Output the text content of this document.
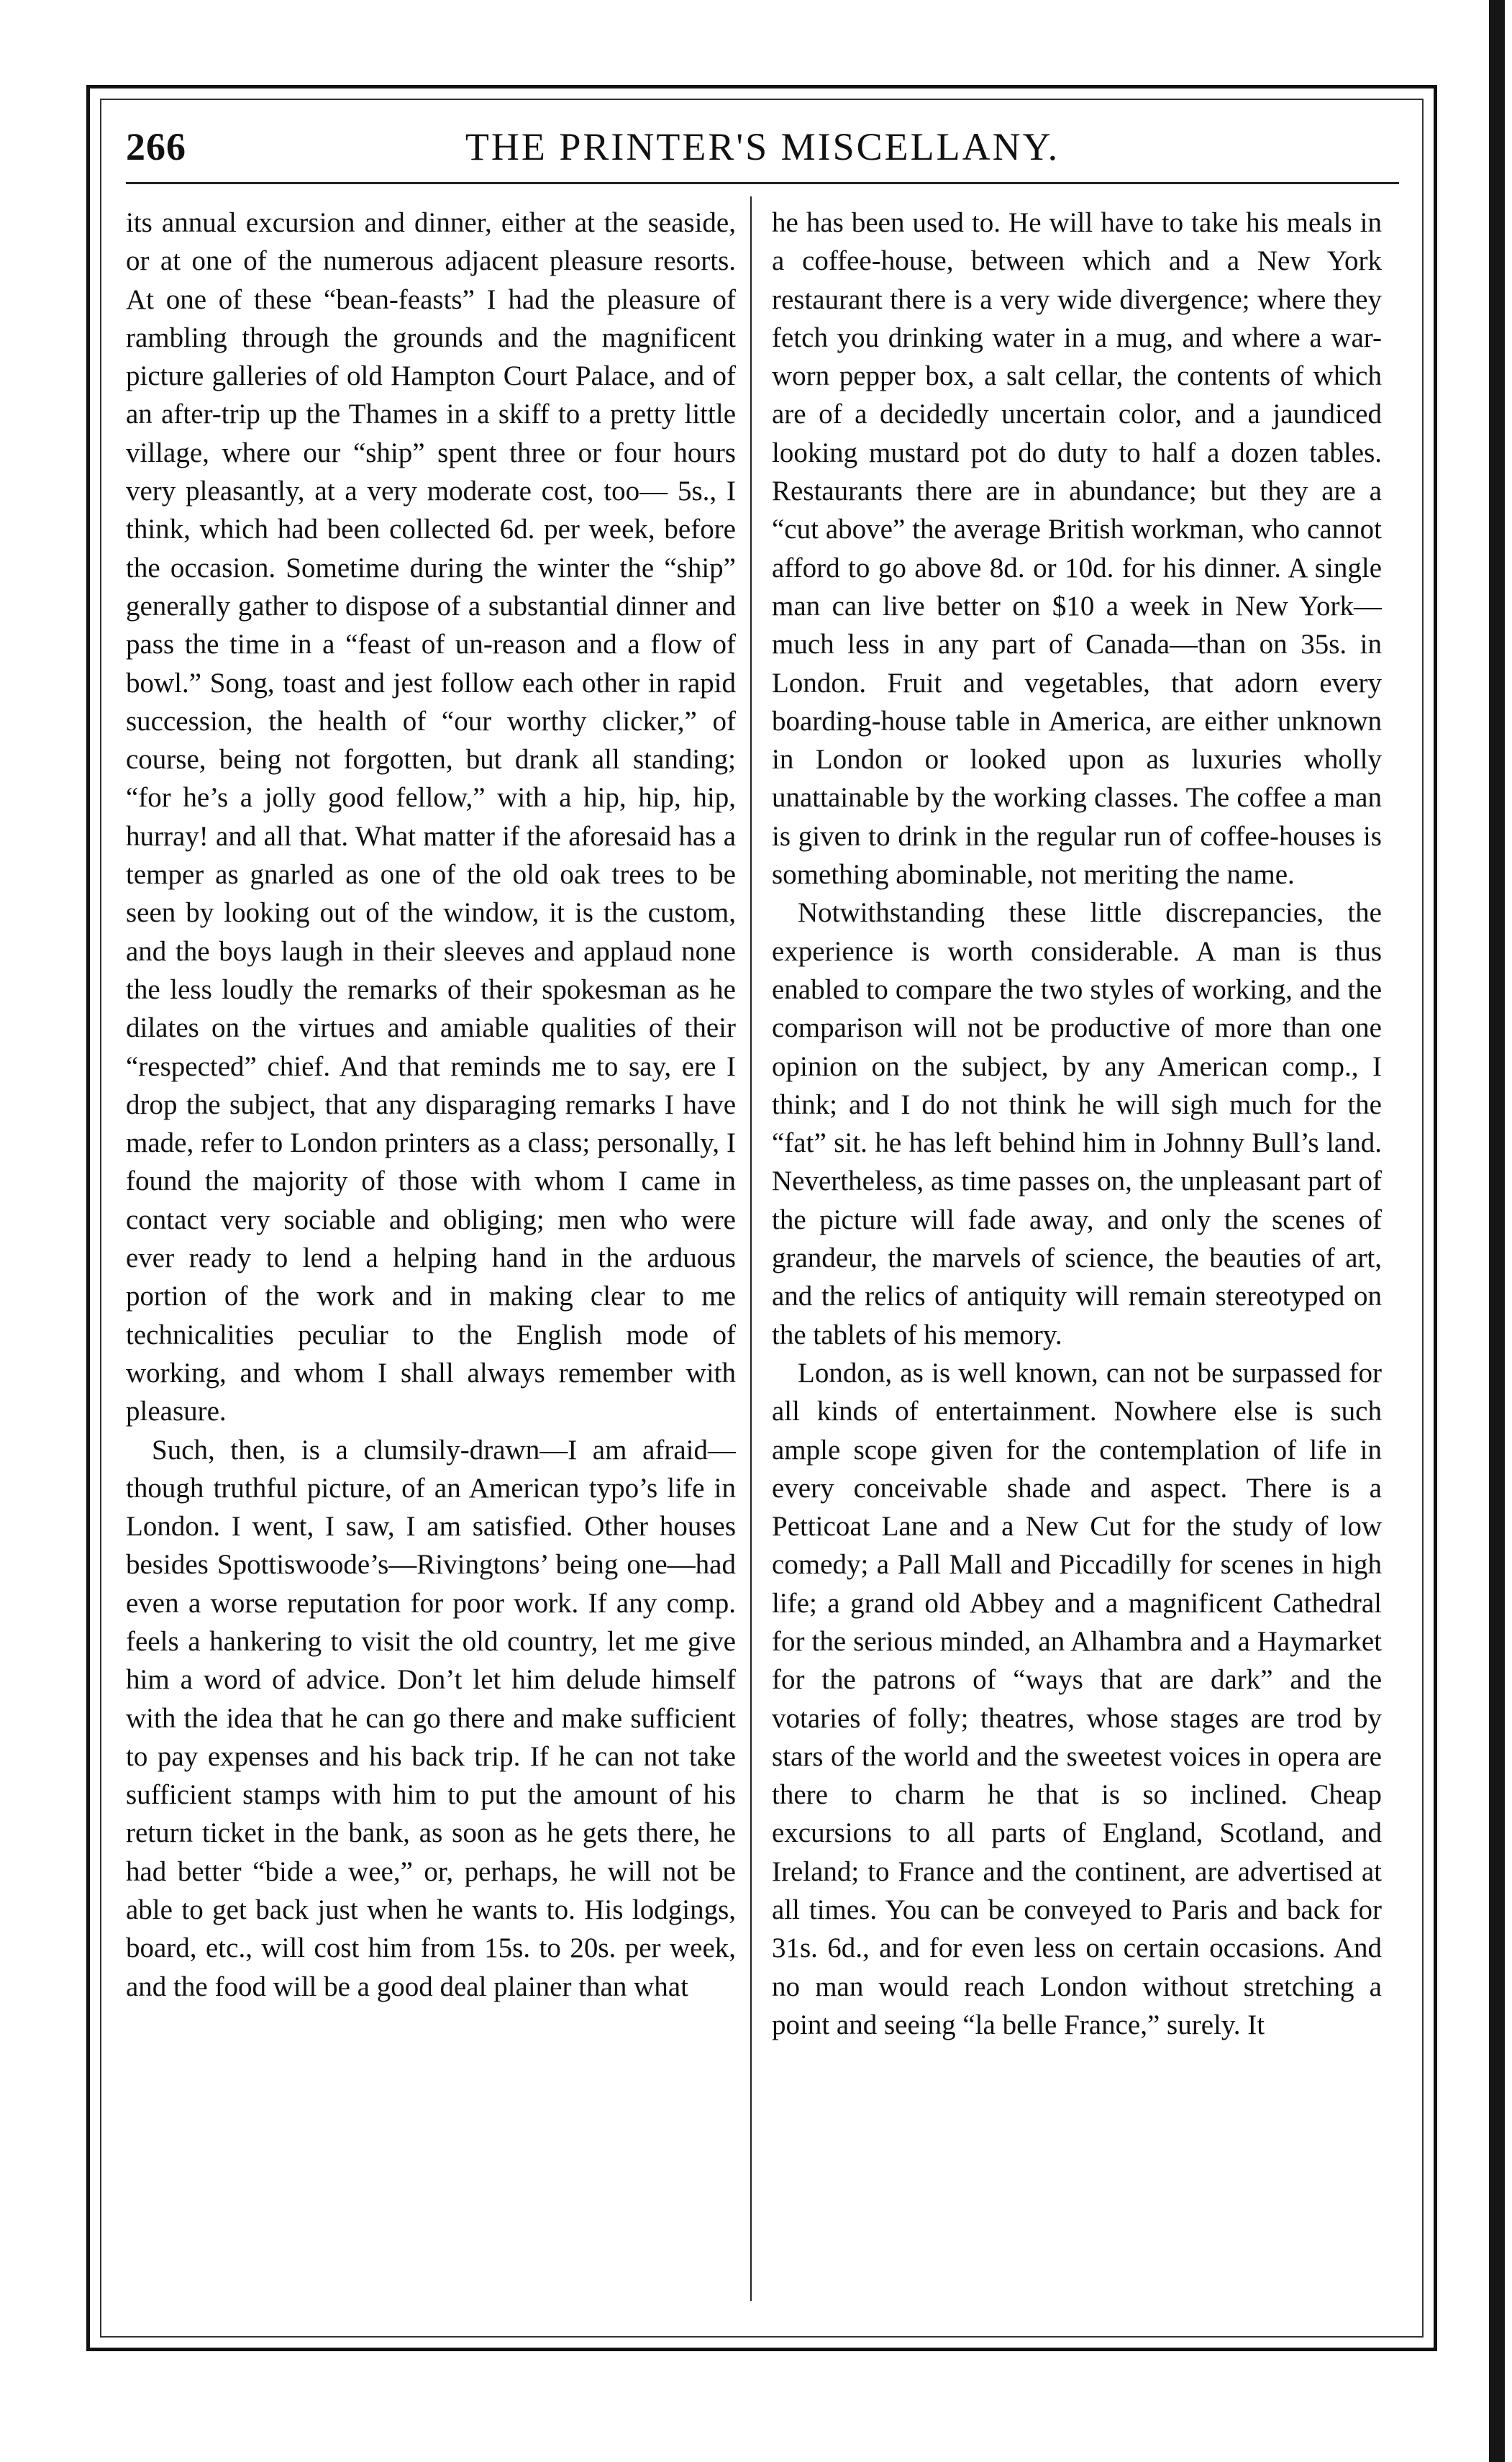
266	THE PRINTER'S MISCELLANY.

its annual excursion and dinner, either at the seaside, or at one of the numerous adjacent pleasure resorts. At one of these “bean-feasts” I had the pleasure of rambling through the grounds and the magnificent picture galleries of old Hampton Court Palace, and of an after-trip up the Thames in a skiff to a pretty little village, where our “ship” spent three or four hours very pleasantly, at a very moderate cost, too— 5s., I think, which had been collected 6d. per week, before the occasion. Sometime during the winter the “ship” generally gather to dispose of a substantial dinner and pass the time in a “feast of un-reason and a flow of bowl.” Song, toast and jest follow each other in rapid succession, the health of “our worthy clicker,” of course, being not forgotten, but drank all standing; “for he’s a jolly good fellow,” with a hip, hip, hip, hurray! and all that. What matter if the aforesaid has a temper as gnarled as one of the old oak trees to be seen by looking out of the window, it is the custom, and the boys laugh in their sleeves and applaud none the less loudly the remarks of their spokesman as he dilates on the virtues and amiable qualities of their “respected” chief. And that reminds me to say, ere I drop the subject, that any disparaging remarks I have made, refer to London printers as a class; personally, I found the majority of those with whom I came in contact very sociable and obliging; men who were ever ready to lend a helping hand in the arduous portion of the work and in making clear to me technicalities peculiar to the English mode of working, and whom I shall always remember with pleasure.

Such, then, is a clumsily-drawn—I am afraid—though truthful picture, of an American typo’s life in London. I went, I saw, I am satisfied. Other houses besides Spottiswoode’s—Rivingtons’ being one—had even a worse reputation for poor work. If any comp. feels a hankering to visit the old country, let me give him a word of advice. Don’t let him delude himself with the idea that he can go there and make sufficient to pay expenses and his back trip. If he can not take sufficient stamps with him to put the amount of his return ticket in the bank, as soon as he gets there, he had better “bide a wee,” or, perhaps, he will not be able to get back just when he wants to. His lodgings, board, etc., will cost him from 15s. to 20s. per week, and the food will be a good deal plainer than what

he has been used to. He will have to take his meals in a coffee-house, between which and a New York restaurant there is a very wide divergence; where they fetch you drinking water in a mug, and where a war-worn pepper box, a salt cellar, the contents of which are of a decidedly uncertain color, and a jaundiced looking mustard pot do duty to half a dozen tables. Restaurants there are in abundance; but they are a “cut above” the average British workman, who cannot afford to go above 8d. or 10d. for his dinner. A single man can live better on $10 a week in New York—much less in any part of Canada—than on 35s. in London. Fruit and vegetables, that adorn every boarding-house table in America, are either unknown in London or looked upon as luxuries wholly unattainable by the working classes. The coffee a man is given to drink in the regular run of coffee-houses is something abominable, not meriting the name.

Notwithstanding these little discrepancies, the experience is worth considerable. A man is thus enabled to compare the two styles of working, and the comparison will not be productive of more than one opinion on the subject, by any American comp., I think; and I do not think he will sigh much for the “fat” sit. he has left behind him in Johnny Bull’s land. Nevertheless, as time passes on, the unpleasant part of the picture will fade away, and only the scenes of grandeur, the marvels of science, the beauties of art, and the relics of antiquity will remain stereotyped on the tablets of his memory.

London, as is well known, can not be surpassed for all kinds of entertainment. Nowhere else is such ample scope given for the contemplation of life in every conceivable shade and aspect. There is a Petticoat Lane and a New Cut for the study of low comedy; a Pall Mall and Piccadilly for scenes in high life; a grand old Abbey and a magnificent Cathedral for the serious minded, an Alhambra and a Haymarket for the patrons of “ways that are dark” and the votaries of folly; theatres, whose stages are trod by stars of the world and the sweetest voices in opera are there to charm he that is so inclined. Cheap excursions to all parts of England, Scotland, and Ireland; to France and the continent, are advertised at all times. You can be conveyed to Paris and back for 31s. 6d., and for even less on certain occasions. And no man would reach London without stretching a point and seeing “la belle France,” surely. It
